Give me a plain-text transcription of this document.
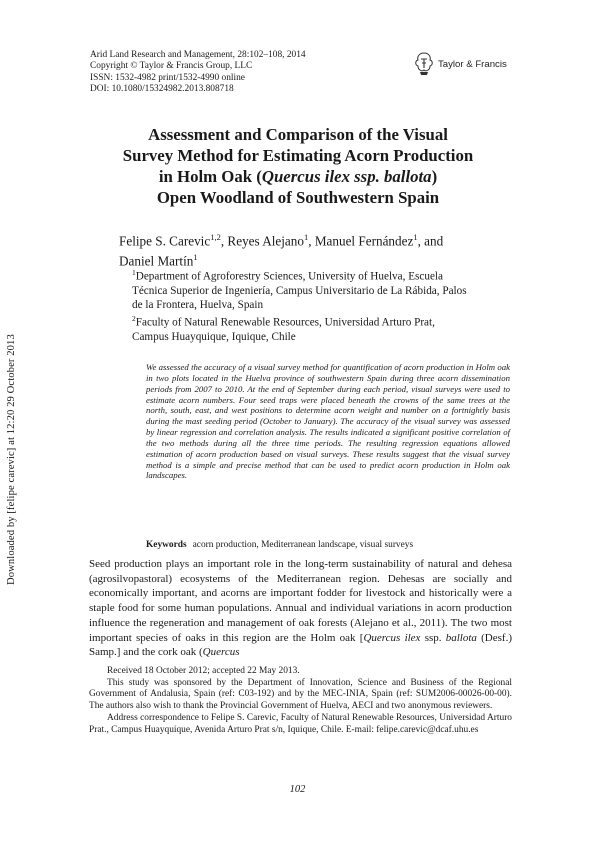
Downloaded by [felipe carevic] at 12:20 29 October 2013
Arid Land Research and Management, 28:102–108, 2014
Copyright © Taylor & Francis Group, LLC
ISSN: 1532-4982 print/1532-4990 online
DOI: 10.1080/15324982.2013.808718
Taylor & Francis
Assessment and Comparison of the Visual
Survey Method for Estimating Acorn Production
in Holm Oak (Quercus ilex ssp. ballota)
Open Woodland of Southwestern Spain
Felipe S. Carevic$^{1,2}$, Reyes Alejano$^1$, Manuel Fernández$^1$, and
Daniel Martín$^1$
$^1$Department of Agroforestry Sciences, University of Huelva, Escuela
Técnica Superior de Ingeniería, Campus Universitario de La Rábida, Palos
de la Frontera, Huelva, Spain
$^2$Faculty of Natural Renewable Resources, Universidad Arturo Prat,
Campus Huayquique, Iquique, Chile
We assessed the accuracy of a visual survey method for quantification of acorn production in Holm oak in two plots located in the Huelva province of southwestern Spain during three acorn dissemination periods from 2007 to 2010. At the end of September during each period, visual surveys were used to estimate acorn numbers. Four seed traps were placed beneath the crowns of the same trees at the north, south, east, and west positions to determine acorn weight and number on a fortnightly basis during the mast seeding period (October to January). The accuracy of the visual survey was assessed by linear regression and correlation analysis. The results indicated a significant positive correlation of the two methods during all the three time periods. The resulting regression equations allowed estimation of acorn production based on visual surveys. These results suggest that the visual survey method is a simple and precise method that can be used to predict acorn production in Holm oak landscapes.
Keywords acorn production, Mediterranean landscape, visual surveys
Seed production plays an important role in the long-term sustainability of natural and dehesa (agrosilvopastoral) ecosystems of the Mediterranean region. Dehesas are socially and economically important, and acorns are important fodder for livestock and historically were a staple food for some human populations. Annual and individual variations in acorn production influence the regeneration and management of oak forests (Alejano et al., 2011). The two most important species of oaks in this region are the Holm oak [Quercus ilex ssp. ballota (Desf.) Samp.] and the cork oak (Quercus

Received 18 October 2012; accepted 22 May 2013.

This study was sponsored by the Department of Innovation, Science and Business of the Regional Government of Andalusia, Spain (ref: C03-192) and by the MEC-INIA, Spain (ref: SUM2006-00026-00-00). The authors also wish to thank the Provincial Government of Huelva, AECI and two anonymous reviewers.

Address correspondence to Felipe S. Carevic, Faculty of Natural Renewable Resources, Universidad Arturo Prat., Campus Huayquique, Avenida Arturo Prat s/n, Iquique, Chile. E-mail: felipe.carevic@dcaf.uhu.es

102
